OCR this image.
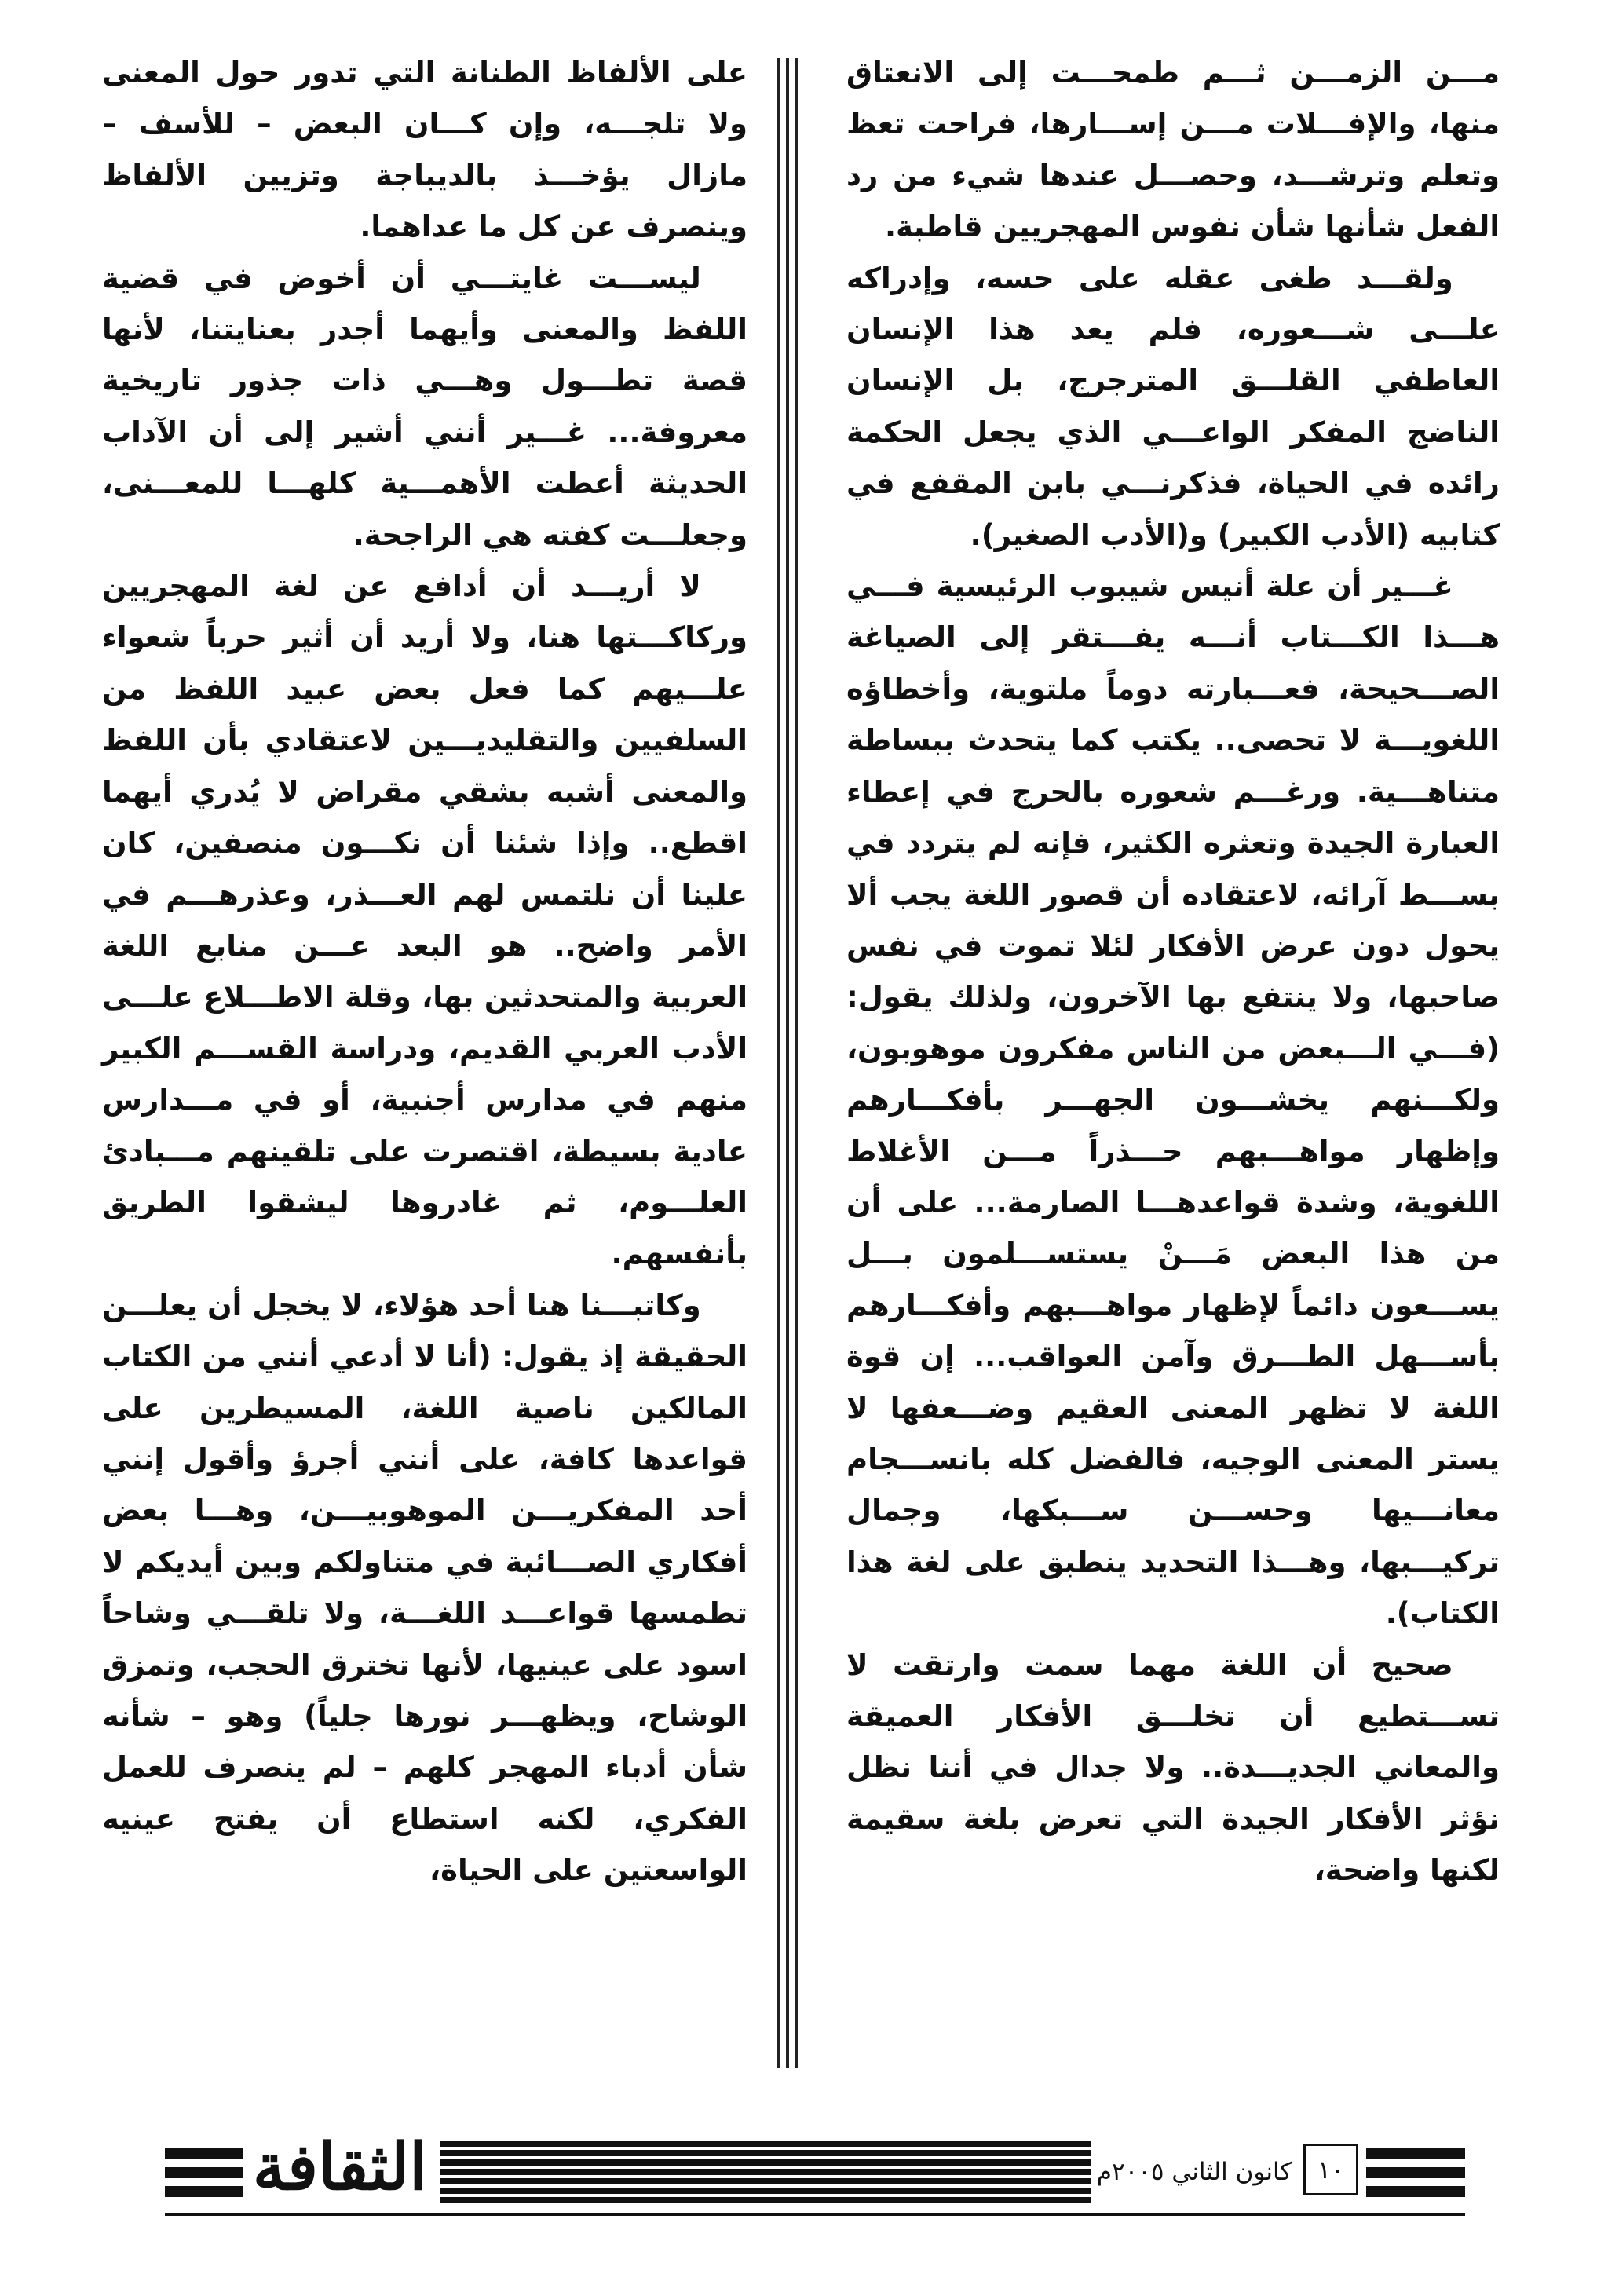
مـــن الزمـــن ثـــم طمحـــت إلى الانعتاق منها، والإفـــلات مـــن إســـارها، فراحت تعظ وتعلم وترشـــد، وحصـــل عندها شيء من رد الفعل شأنها شأن نفوس المهجريين قاطبة.

ولقـــد طغى عقله على حسه، وإدراكه علـــى شـــعوره، فلم يعد هذا الإنسان العاطفي القلـــق المترجرج، بل الإنسان الناضج المفكر الواعـــي الذي يجعل الحكمة رائده في الحياة، فذكرنـــي بابن المقفع في كتابيه (الأدب الكبير) و(الأدب الصغير).

غـــير أن علة أنيس شيبوب الرئيسية فـــي هـــذا الكـــتاب أنـــه يفـــتقر إلى الصياغة الصـــحيحة، فعـــبارته دوماً ملتوية، وأخطاؤه اللغويـــة لا تحصى.. يكتب كما يتحدث ببساطة متناهـــية. ورغـــم شعوره بالحرج في إعطاء العبارة الجيدة وتعثره الكثير، فإنه لم يتردد في بســـط آرائه، لاعتقاده أن قصور اللغة يجب ألا يحول دون عرض الأفكار لئلا تموت في نفس صاحبها، ولا ينتفع بها الآخرون، ولذلك يقول: (فـــي الـــبعض من الناس مفكرون موهوبون، ولكـــنهم يخشـــون الجهـــر بأفكـــارهم وإظهار مواهـــبهم حـــذراً مـــن الأغلاط اللغوية، وشدة قواعدهـــا الصارمة... على أن من هذا البعض مَـــنْ يستســـلمون بـــل يســـعون دائماً لإظهار مواهـــبهم وأفكـــارهم بأســـهل الطـــرق وآمن العواقب... إن قوة اللغة لا تظهر المعنى العقيم وضـــعفها لا يستر المعنى الوجيه، فالفضل كله بانســـجام معانـــيها وحســـن ســـبكها، وجمال تركيـــبها، وهـــذا التحديد ينطبق على لغة هذا الكتاب).

صحيح أن اللغة مهما سمت وارتقت لا تســـتطيع أن تخلـــق الأفكار العميقة والمعاني الجديـــدة.. ولا جدال في أننا نظل نؤثر الأفكار الجيدة التي تعرض بلغة سقيمة لكنها واضحة،

على الألفاظ الطنانة التي تدور حول المعنى ولا تلجـــه، وإن كـــان البعض – للأسف – مازال يؤخـــذ بالديباجة وتزيين الألفاظ وينصرف عن كل ما عداهما.

ليســـت غايتـــي أن أخوض في قضية اللفظ والمعنى وأيهما أجدر بعنايتنا، لأنها قصة تطـــول وهـــي ذات جذور تاريخية معروفة... غـــير أنني أشير إلى أن الآداب الحديثة أعطت الأهمـــية كلهـــا للمعـــنى، وجعلـــت كفته هي الراجحة.

لا أريـــد أن أدافع عن لغة المهجريين وركاكـــتها هنا، ولا أريد أن أثير حرباً شعواء علـــيهم كما فعل بعض عبيد اللفظ من السلفيين والتقليديـــين لاعتقادي بأن اللفظ والمعنى أشبه بشقي مقراض لا يُدري أيهما اقطع.. وإذا شئنا أن نكـــون منصفين، كان علينا أن نلتمس لهم العـــذر، وعذرهـــم في الأمر واضح.. هو البعد عـــن منابع اللغة العربية والمتحدثين بها، وقلة الاطـــلاع علـــى الأدب العربي القديم، ودراسة القســـم الكبير منهم في مدارس أجنبية، أو في مـــدارس عادية بسيطة، اقتصرت على تلقينهم مـــبادئ العلـــوم، ثم غادروها ليشقوا الطريق بأنفسهم.

وكاتبـــنا هنا أحد هؤلاء، لا يخجل أن يعلـــن الحقيقة إذ يقول: (أنا لا أدعي أنني من الكتاب المالكين ناصية اللغة، المسيطرين على قواعدها كافة، على أنني أجرؤ وأقول إنني أحد المفكريـــن الموهوبيـــن، وهـــا بعض أفكاري الصـــائبة في متناولكم وبين أيديكم لا تطمسها قواعـــد اللغـــة، ولا تلقـــي وشاحاً اسود على عينيها، لأنها تخترق الحجب، وتمزق الوشاح، ويظهـــر نورها جلياً) وهو – شأنه شأن أدباء المهجر كلهم – لم ينصرف للعمل الفكري، لكنه استطاع أن يفتح عينيه الواسعتين على الحياة،

الثقافة	كانون الثاني ٢٠٠٥م	١٠
